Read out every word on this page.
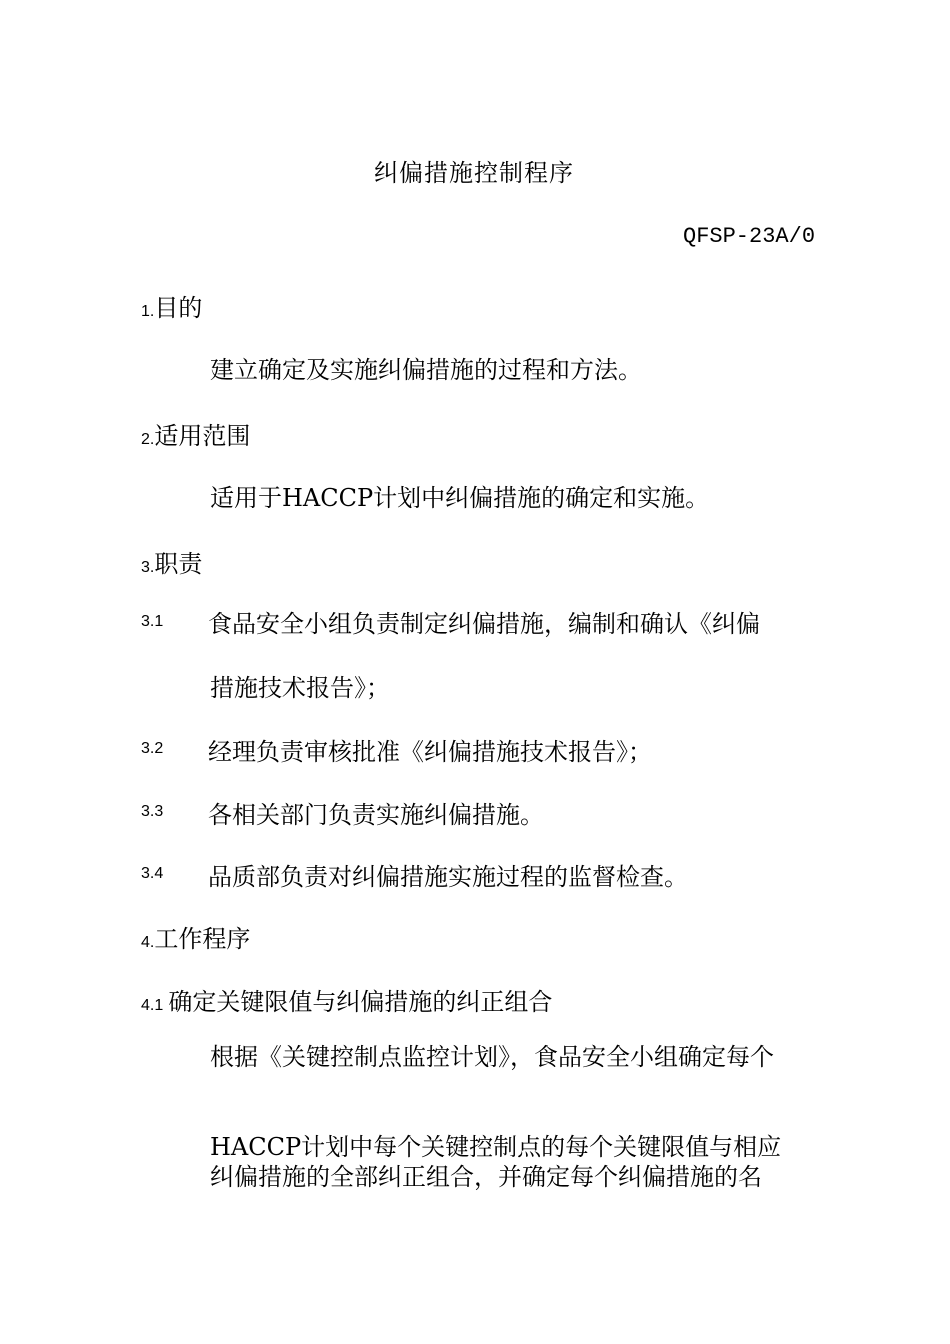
纠偏措施控制程序
QFSP-23A/0
1.目的
建立确定及实施纠偏措施的过程和方法。
2.适用范围
适用于HACCP计划中纠偏措施的确定和实施。
3.职责
3.1 食品安全小组负责制定纠偏措施，编制和确认《纠偏
措施技术报告》；
3.2 经理负责审核批准《纠偏措施技术报告》；
3.3 各相关部门负责实施纠偏措施。
3.4 品质部负责对纠偏措施实施过程的监督检查。
4.工作程序
4.1 确定关键限值与纠偏措施的纠正组合
根据《关键控制点监控计划》，食品安全小组确定每个
HACCP计划中每个关键控制点的每个关键限值与相应纠偏措施的全部纠正组合，并确定每个纠偏措施的名
